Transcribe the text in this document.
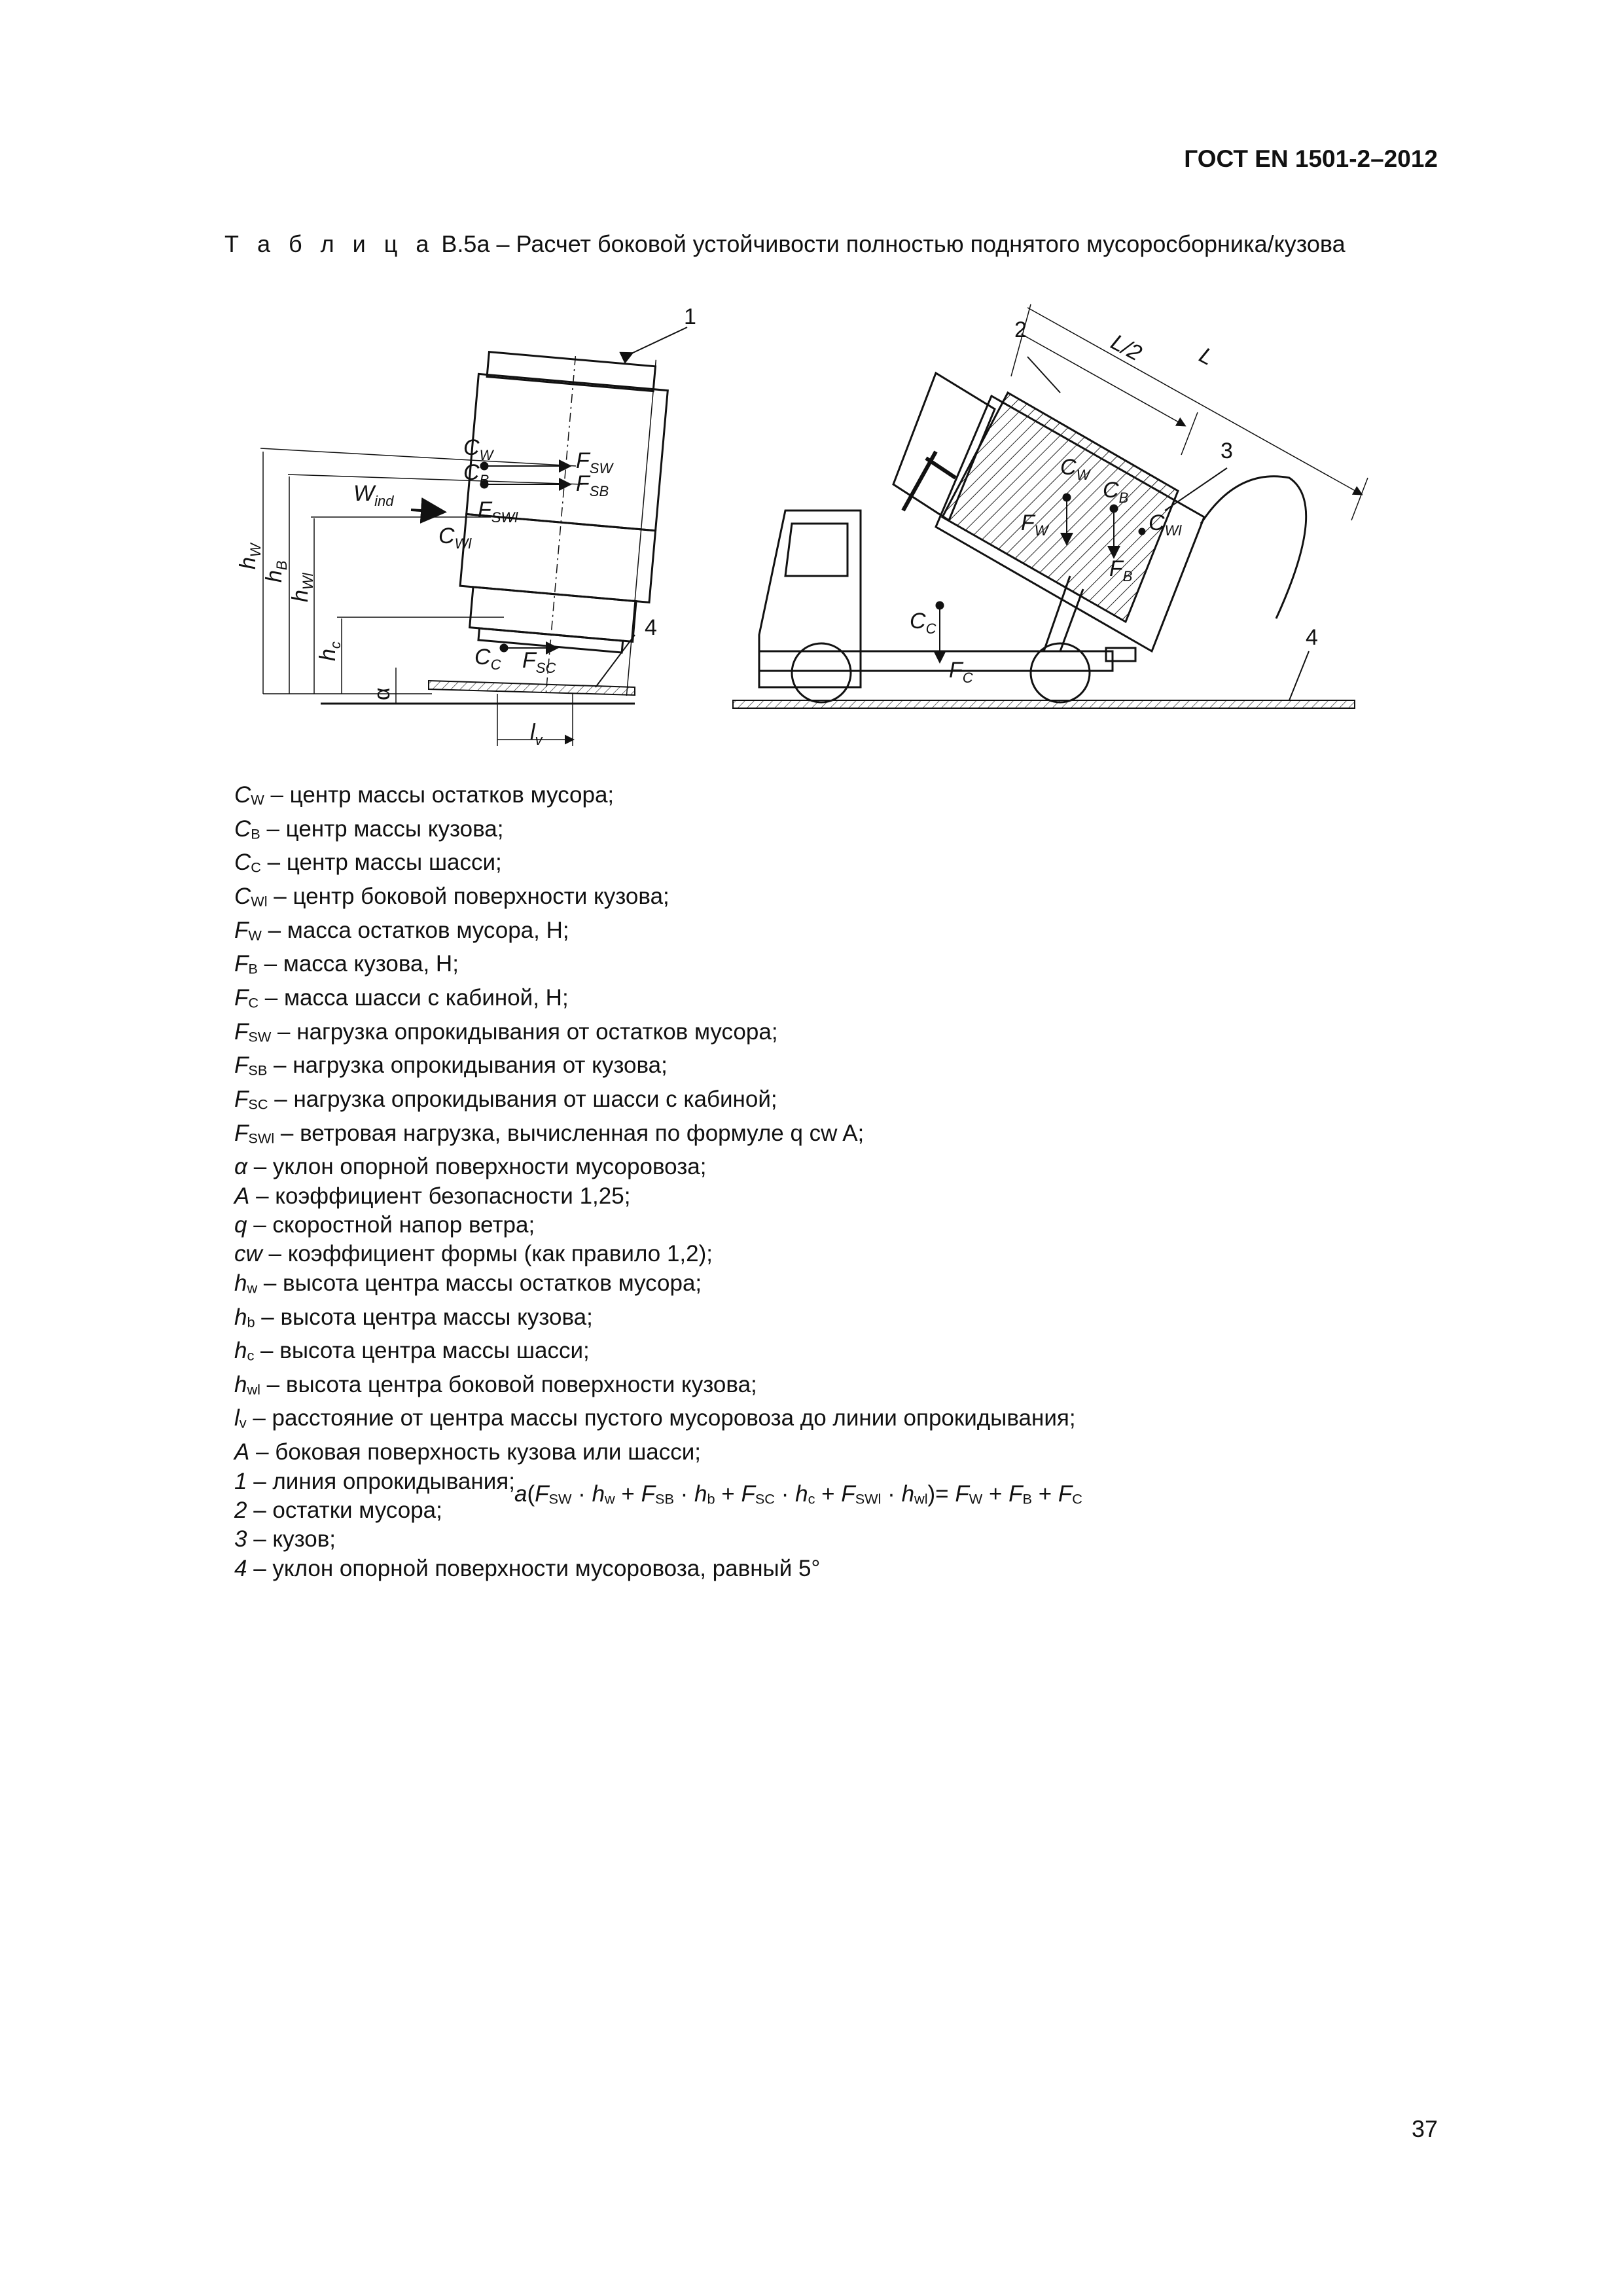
ГОСТ EN 1501-2–2012
Т а б л и ц а В.5а – Расчет боковой устойчивости полностью поднятого мусоросборника/кузова
1
4
$C_W$
$C_B$
$F_{SW}$
$F_{SB}$
$F_{SWl}$
$C_{Wl}$
$W_{ind}$
$C_C$ $F_{SC}$
$l_v$
$h_W$
$h_B$
$h_{Wl}$
$h_c$
α
2
3
4
L
L/2
$C_W$
$C_B$
$C_{Wl}$
$F_W$
$F_B$
$C_C$
$F_C$
$C_W$ – центр массы остатков мусора;
$C_B$ – центр массы кузова;
$C_C$ – центр массы шасси;
$C_{Wl}$ – центр боковой поверхности кузова;
$F_W$ – масса остатков мусора, Н;
$F_B$ – масса кузова, Н;
$F_C$ – масса шасси с кабиной, Н;
$F_{SW}$ – нагрузка опрокидывания от остатков мусора;
$F_{SB}$ – нагрузка опрокидывания от кузова;
$F_{SC}$ – нагрузка опрокидывания от шасси с кабиной;
$F_{SWl}$ – ветровая нагрузка, вычисленная по формуле q cw A;
α – уклон опорной поверхности мусоровоза;
A – коэффициент безопасности 1,25;
q – скоростной напор ветра;
cw – коэффициент формы (как правило 1,2);
$h_w$ – высота центра массы остатков мусора;
$h_b$ – высота центра массы кузова;
$h_c$ – высота центра массы шасси;
$h_{wl}$ – высота центра боковой поверхности кузова;
$l_v$ – расстояние от центра массы пустого мусоровоза до линии опрокидывания;
A – боковая поверхность кузова или шасси;
1 – линия опрокидывания;
2 – остатки мусора;
3 – кузов;
4 – уклон опорной поверхности мусоровоза, равный 5°
$a(F_{SW} \cdot h_w + F_{SB} \cdot h_b + F_{SC} \cdot h_c + F_{SWl} \cdot h_{wl})= F_W + F_B + F_C$
37
